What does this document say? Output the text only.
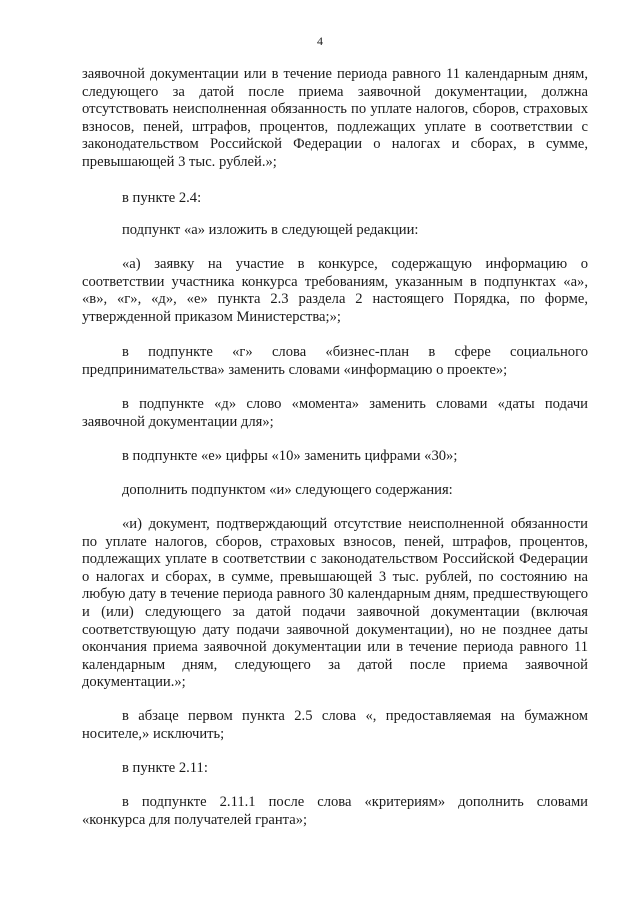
4

заявочной документации или в течение периода равного 11 календарным дням, следующего за датой после приема заявочной документации, должна отсутствовать неисполненная обязанность по уплате налогов, сборов, страховых взносов, пеней, штрафов, процентов, подлежащих уплате в соответствии с законодательством Российской Федерации о налогах и сборах, в сумме, превышающей 3 тыс. рублей.»;

в пункте 2.4:

подпункт «а» изложить в следующей редакции:

«а) заявку на участие в конкурсе, содержащую информацию о соответствии участника конкурса требованиям, указанным в подпунктах «а», «в», «г», «д», «е» пункта 2.3 раздела 2 настоящего Порядка, по форме, утвержденной приказом Министерства;»;

в подпункте «г» слова «бизнес-план в сфере социального предпринимательства» заменить словами «информацию о проекте»;

в подпункте «д» слово «момента» заменить словами «даты подачи заявочной документации для»;

в подпункте «е» цифры «10» заменить цифрами «30»;

дополнить подпунктом «и» следующего содержания:

«и) документ, подтверждающий отсутствие неисполненной обязанности по уплате налогов, сборов, страховых взносов, пеней, штрафов, процентов, подлежащих уплате в соответствии с законодательством Российской Федерации о налогах и сборах, в сумме, превышающей 3 тыс. рублей, по состоянию на любую дату в течение периода равного 30 календарным дням, предшествующего и (или) следующего за датой подачи заявочной документации (включая соответствующую дату подачи заявочной документации), но не позднее даты окончания приема заявочной документации или в течение периода равного 11 календарным дням, следующего за датой после приема заявочной документации.»;

в абзаце первом пункта 2.5 слова «, предоставляемая на бумажном носителе,» исключить;

в пункте 2.11:

в подпункте 2.11.1 после слова «критериям» дополнить словами «конкурса для получателей гранта»;
